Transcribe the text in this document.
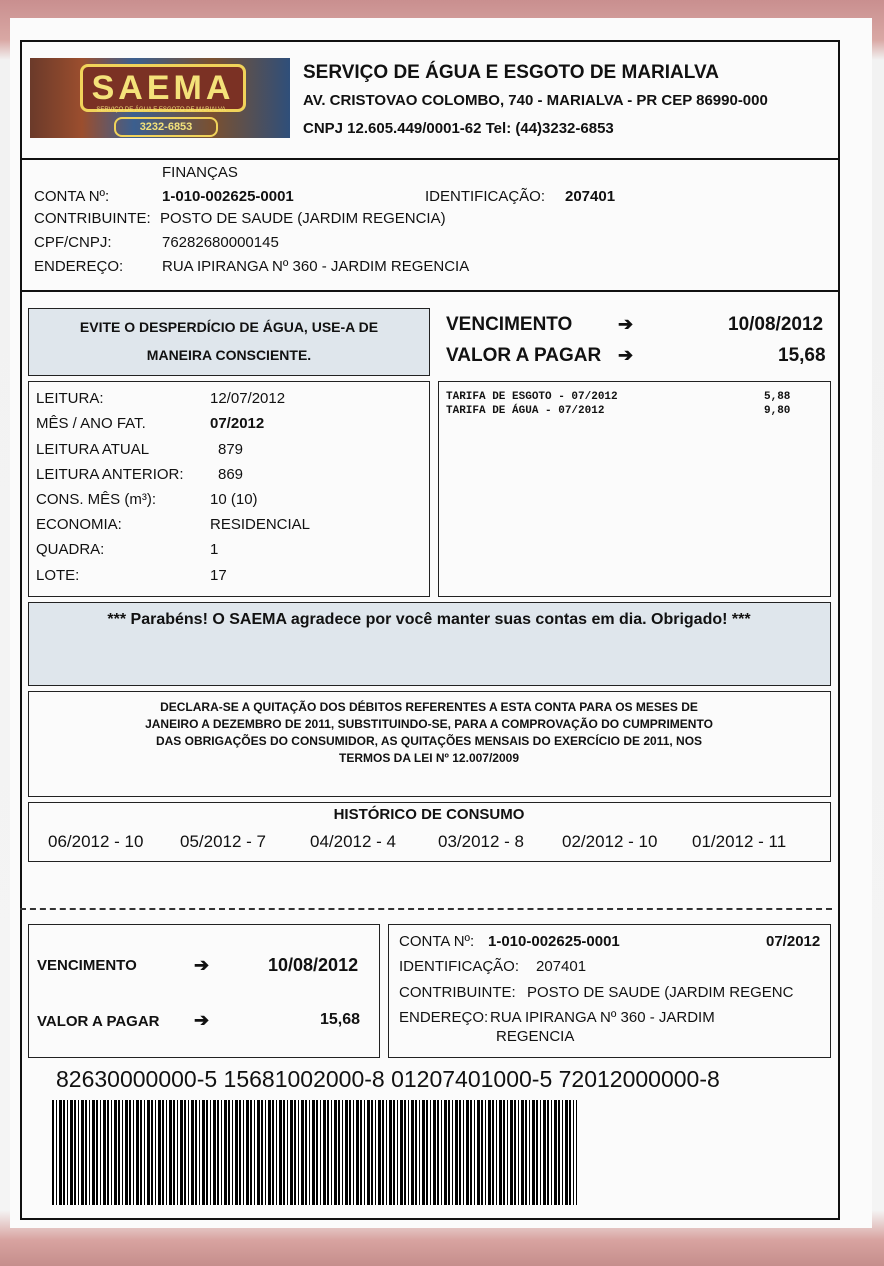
SAEMA
SERVIÇO DE ÁGUA E ESGOTO DE MARIALVA
3232-6853
SERVIÇO DE ÁGUA E ESGOTO DE MARIALVA
AV. CRISTOVAO COLOMBO, 740 - MARIALVA - PR CEP 86990-000
CNPJ 12.605.449/0001-62 Tel: (44)3232-6853
FINANÇAS
CONTA Nº:	1-010-002625-0001	IDENTIFICAÇÃO: 207401
CONTRIBUINTE: POSTO DE SAUDE (JARDIM REGENCIA)
CPF/CNPJ:	76282680000145
ENDEREÇO:	RUA IPIRANGA Nº 360 - JARDIM REGENCIA
EVITE O DESPERDÍCIO DE ÁGUA, USE-A DE
MANEIRA CONSCIENTE.
VENCIMENTO	➔	10/08/2012
VALOR A PAGAR ➔	15,68
LEITURA:	12/07/2012
MÊS / ANO FAT.	07/2012
LEITURA ATUAL	879
LEITURA ANTERIOR: 869
CONS. MÊS (m³):	10 (10)
ECONOMIA:	RESIDENCIAL
QUADRA:	1
LOTE:	17
TARIFA DE ESGOTO - 07/2012	5,88
TARIFA DE ÁGUA - 07/2012	9,80
*** Parabéns! O SAEMA agradece por você manter suas contas em dia. Obrigado! ***
DECLARA-SE A QUITAÇÃO DOS DÉBITOS REFERENTES A ESTA CONTA PARA OS MESES DE
JANEIRO A DEZEMBRO DE 2011, SUBSTITUINDO-SE, PARA A COMPROVAÇÃO DO CUMPRIMENTO
DAS OBRIGAÇÕES DO CONSUMIDOR, AS QUITAÇÕES MENSAIS DO EXERCÍCIO DE 2011, NOS
TERMOS DA LEI Nº 12.007/2009
HISTÓRICO DE CONSUMO
06/2012 - 10 05/2012 - 7	04/2012 - 4 03/2012 - 8 02/2012 - 10 01/2012 - 11
VENCIMENTO	➔	10/08/2012
VALOR A PAGAR ➔	15,68
CONTA Nº: 1-010-002625-0001	07/2012
IDENTIFICAÇÃO: 207401
CONTRIBUINTE: POSTO DE SAUDE (JARDIM REGENC
ENDEREÇO: RUA IPIRANGA Nº 360 - JARDIM
REGENCIA
82630000000-5 15681002000-8 01207401000-5 72012000000-8
